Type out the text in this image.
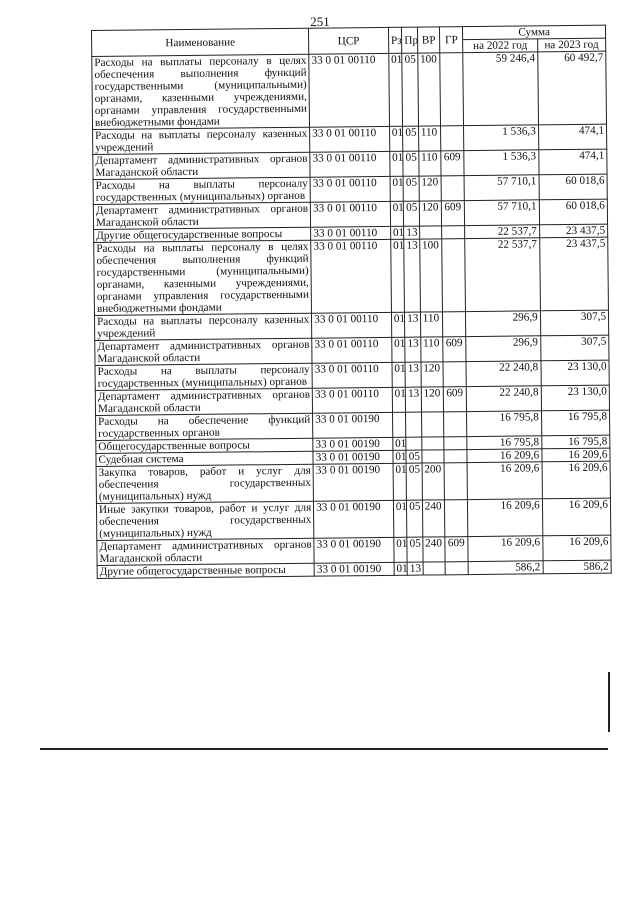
251
Наименование	ЦСР	Рз	Пр	ВР	ГР	Сумма	
						на 2022 год	на 2023 год
Расходы на выплаты персоналу в целях обеспечения выполнения функций государственными (муниципальными) органами, казенными учреждениями, органами управления государственными внебюджетными фондами	33 0 01 00110	01	05	100		59 246,4	60 492,7
Расходы на выплаты персоналу казенных учреждений	33 0 01 00110	01	05	110		1 536,3	474,1
Департамент административных органов Магаданской области	33 0 01 00110	01	05	110	609	1 536,3	474,1
Расходы на выплаты персоналу государственных (муниципальных) органов	33 0 01 00110	01	05	120		57 710,1	60 018,6
Департамент административных органов Магаданской области	33 0 01 00110	01	05	120	609	57 710,1	60 018,6
Другие общегосударственные вопросы	33 0 01 00110	01	13			22 537,7	23 437,5
Расходы на выплаты персоналу в целях обеспечения выполнения функций государственными (муниципальными) органами, казенными учреждениями, органами управления государственными внебюджетными фондами	33 0 01 00110	01	13	100		22 537,7	23 437,5
Расходы на выплаты персоналу казенных учреждений	33 0 01 00110	01	13	110		296,9	307,5
Департамент административных органов Магаданской области	33 0 01 00110	01	13	110	609	296,9	307,5
Расходы на выплаты персоналу государственных (муниципальных) органов	33 0 01 00110	01	13	120		22 240,8	23 130,0
Департамент административных органов Магаданской области	33 0 01 00110	01	13	120	609	22 240,8	23 130,0
Расходы на обеспечение функций государственных органов	33 0 01 00190					16 795,8	16 795,8
Общегосударственные вопросы	33 0 01 00190	01				16 795,8	16 795,8
Судебная система	33 0 01 00190	01	05			16 209,6	16 209,6
Закупка товаров, работ и услуг для обеспечения государственных (муниципальных) нужд	33 0 01 00190	01	05	200		16 209,6	16 209,6
Иные закупки товаров, работ и услуг для обеспечения государственных (муниципальных) нужд	33 0 01 00190	01	05	240		16 209,6	16 209,6
Департамент административных органов Магаданской области	33 0 01 00190	01	05	240	609	16 209,6	16 209,6
Другие общегосударственные вопросы	33 0 01 00190	01	13			586,2	586,2
